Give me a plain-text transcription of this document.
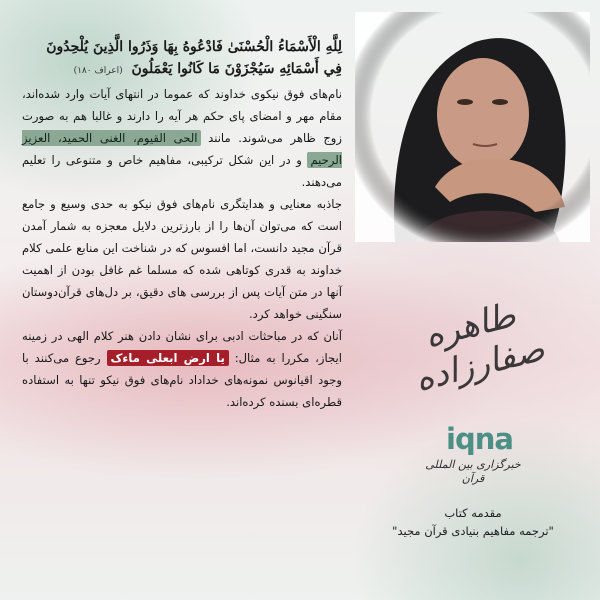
لِلَّهِ الْأَسْمَاءُ الْحُسْنَىٰ فَادْعُوهُ بِهَا وَذَرُوا الَّذِينَ يُلْحِدُونَ
فِي أَسْمَائِهِ سَيُجْزَوْنَ مَا كَانُوا يَعْمَلُونَ (اعراف ۱۸۰)

نام‌های فوق نیکوی خداوند که عموما در انتهای آیات وارد شده‌اند، مقام مهر و امضای پای حکم هر آیه را دارند و غالبا هم به صورت زوج ظاهر می‌شوند. مانند الحی القیوم، الغنی الحمید، العزیز الرحیم و در این شکل ترکیبی، مفاهیم خاص و متنوعی را تعلیم می‌دهند.

جاذبه معنایی و هدایتگری نام‌های فوق نیکو به حدی وسیع و جامع است که می‌توان آن‌ها را از بارزترین دلایل معجزه به شمار آمدن قرآن مجید دانست، اما افسوس که در شناخت این منابع علمی کلام خداوند به قدری کوتاهی شده که مسلما غم غافل بودن از اهمیت آنها در متن آیات پس از بررسی های دقیق، بر دل‌های قرآن‌دوستان سنگینی خواهد کرد.

آنان که در مباحثات ادبی برای نشان دادن هنر کلام الهی در زمینه ایجاز، مکررا به مثال: یا ارض ابعلی ماءک رجوع می‌کنند با وجود اقیانوس نمونه‌های خداداد نام‌های فوق نیکو تنها به استفاده قطره‌ای بسنده کرده‌اند.

طاهره صفارزاده
iqna
خبرگزاری بین المللی قرآن
مقدمه کتاب
"ترجمه مفاهیم بنیادی قرآن مجید"
